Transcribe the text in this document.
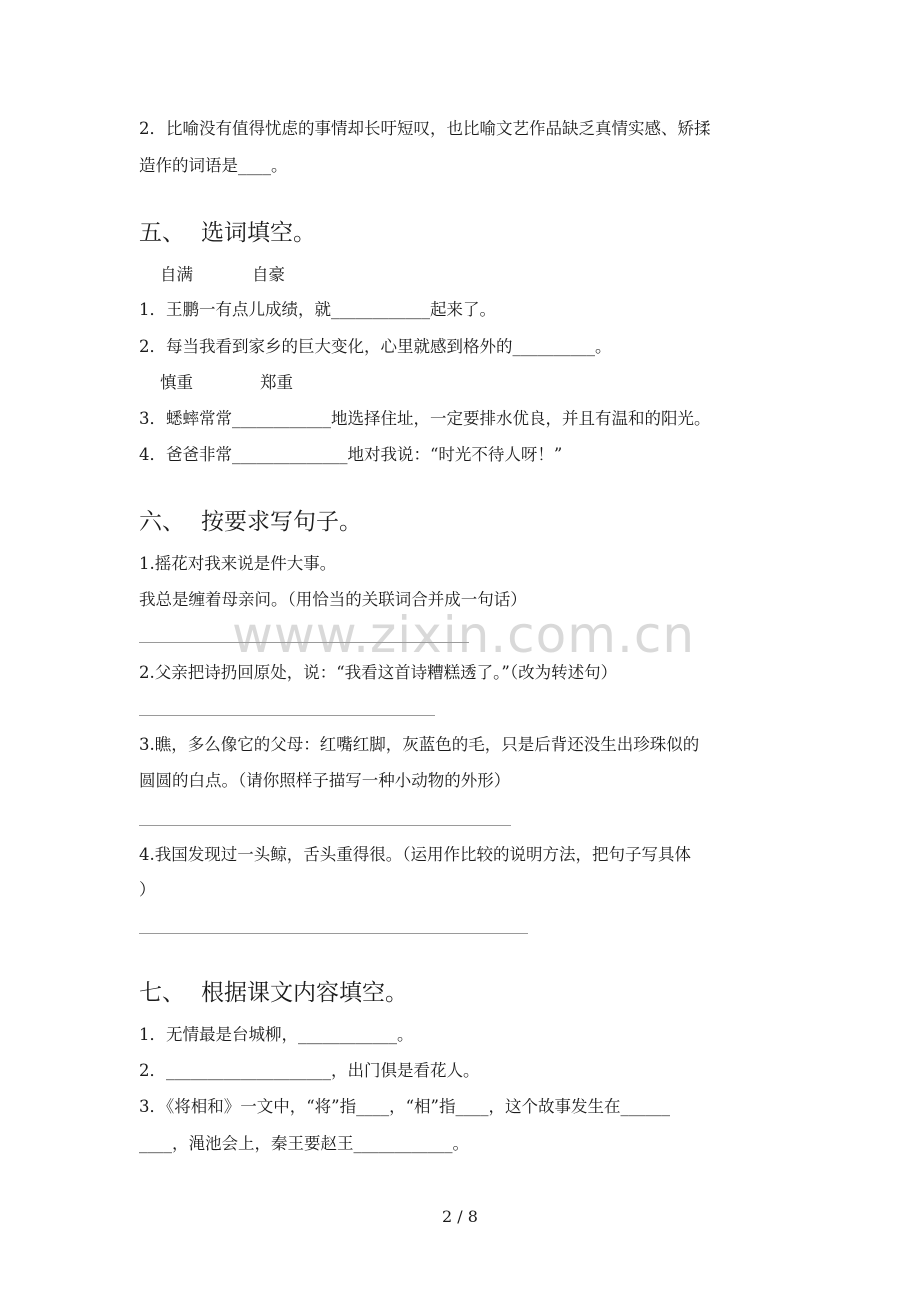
www.zixin.com.cn
2．比喻没有值得忧虑的事情却长吁短叹，也比喻文艺作品缺乏真情实感、矫揉
造作的词语是____。
五、 选词填空。
自满	自豪
1．王鹏一有点儿成绩，就____________起来了。
2．每当我看到家乡的巨大变化，心里就感到格外的__________。
慎重	郑重
3．蟋蟀常常____________地选择住址，一定要排水优良，并且有温和的阳光。
4．爸爸非常______________地对我说：“时光不待人呀！”
六、 按要求写句子。
1.摇花对我来说是件大事。
我总是缠着母亲问。（用恰当的关联词合并成一句话）
2.父亲把诗扔回原处，说：“我看这首诗糟糕透了。”（改为转述句）
3.瞧，多么像它的父母：红嘴红脚，灰蓝色的毛，只是后背还没生出珍珠似的
圆圆的白点。（请你照样子描写一种小动物的外形）
4.我国发现过一头鲸，舌头重得很。（运用作比较的说明方法，把句子写具体
）
七、 根据课文内容填空。
1．无情最是台城柳，____________。
2．____________________，出门俱是看花人。
3．《将相和》一文中，“将”指____，“相”指____，这个故事发生在______
____，渑池会上，秦王要赵王____________。
2 / 8
